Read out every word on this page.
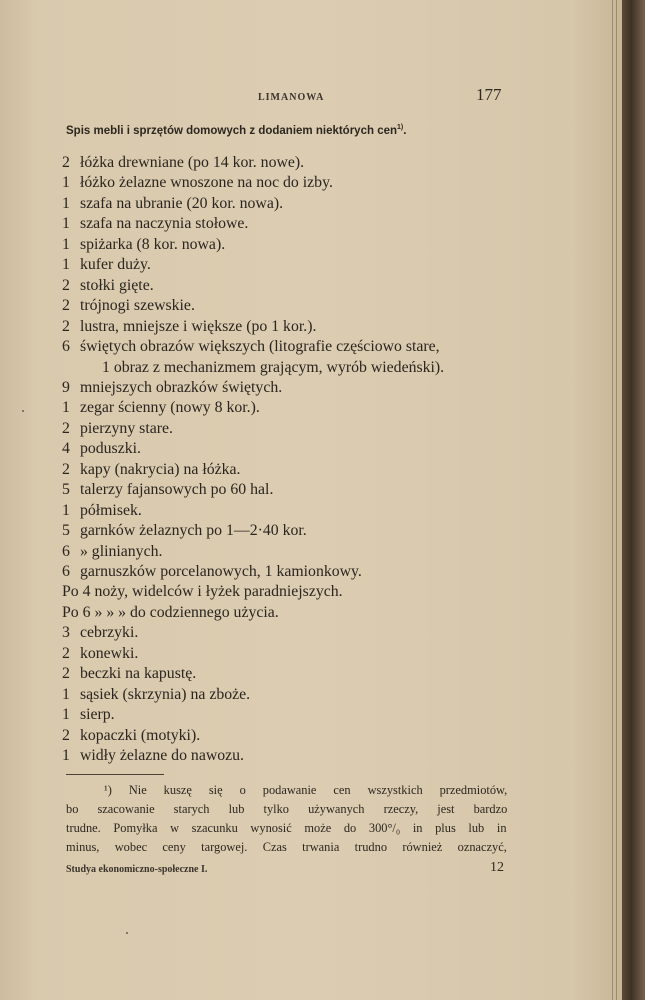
LIMANOWA	177
Spis mebli i sprzętów domowych z dodaniem niektórych cen$^{1)}$.
2 łóżka drewniane (po 14 kor. nowe).
1 łóżko żelazne wnoszone na noc do izby.
1 szafa na ubranie (20 kor. nowa).
1 szafa na naczynia stołowe.
1 spiżarka (8 kor. nowa).
1 kufer duży.
2 stołki gięte.
2 trójnogi szewskie.
2 lustra, mniejsze i większe (po 1 kor.).
6 świętych obrazów większych (litografie częściowo stare,
1 obraz z mechanizmem grającym, wyrób wiedeński).
9 mniejszych obrazków świętych.
1 zegar ścienny (nowy 8 kor.).
2 pierzyny stare.
4 poduszki.
2 kapy (nakrycia) na łóżka.
5 talerzy fajansowych po 60 hal.
1 półmisek.
5 garnków żelaznych po 1—2·40 kor.
6 » glinianych.
6 garnuszków porcelanowych, 1 kamionkowy.
Po 4 noży, widelców i łyżek paradniejszych.
Po 6 » » » do codziennego użycia.
3 cebrzyki.
2 konewki.
2 beczki na kapustę.
1 sąsiek (skrzynia) na zboże.
1 sierp.
2 kopaczki (motyki).
1 widły żelazne do nawozu.
¹) Nie kuszę się o podawanie cen wszystkich przedmiotów,
bo szacowanie starych lub tylko używanych rzeczy, jest bardzo
trudne. Pomyłka w szacunku wynosić może do 300°/₀ in plus lub in
minus, wobec ceny targowej. Czas trwania trudno również oznaczyć,
Studya ekonomiczno-społeczne I.	12
